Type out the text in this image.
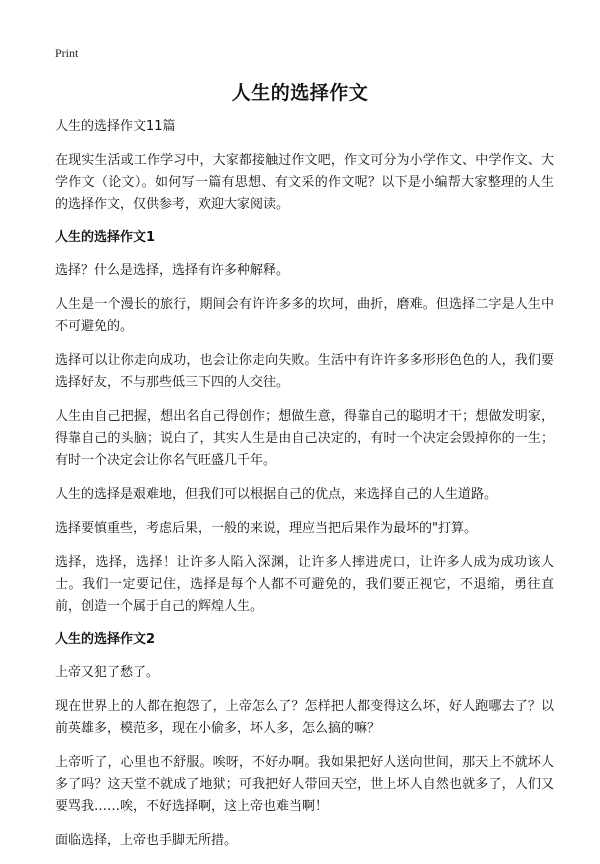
Print
人生的选择作文

人生的选择作文11篇

在现实生活或工作学习中，大家都接触过作文吧，作文可分为小学作文、中学作文、大学作文（论文）。如何写一篇有思想、有文采的作文呢？以下是小编帮大家整理的人生的选择作文，仅供参考，欢迎大家阅读。

人生的选择作文1

选择？什么是选择，选择有许多种解释。

人生是一个漫长的旅行，期间会有许许多多的坎坷，曲折，磨难。但选择二字是人生中不可避免的。

选择可以让你走向成功，也会让你走向失败。生活中有许许多多形形色色的人，我们要选择好友，不与那些低三下四的人交往。

人生由自己把握，想出名自己得创作；想做生意，得靠自己的聪明才干；想做发明家，得靠自己的头脑；说白了，其实人生是由自己决定的，有时一个决定会毁掉你的一生；有时一个决定会让你名气旺盛几千年。

人生的选择是艰难地，但我们可以根据自己的优点，来选择自己的人生道路。

选择要慎重些，考虑后果，一般的来说，理应当把后果作为最坏的"打算。

选择，选择，选择！让许多人陷入深渊，让许多人摔进虎口，让许多人成为成功该人士。我们一定要记住，选择是每个人都不可避免的，我们要正视它，不退缩，勇往直前，创造一个属于自己的辉煌人生。

人生的选择作文2

上帝又犯了愁了。

现在世界上的人都在抱怨了，上帝怎么了？怎样把人都变得这么坏，好人跑哪去了？以前英雄多，模范多，现在小偷多，坏人多，怎么搞的嘛？

上帝听了，心里也不舒服。唉呀，不好办啊。我如果把好人送向世间，那天上不就坏人多了吗？这天堂不就成了地狱；可我把好人带回天空，世上坏人自然也就多了，人们又要骂我……唉，不好选择啊，这上帝也难当啊！

面临选择，上帝也手脚无所措。
